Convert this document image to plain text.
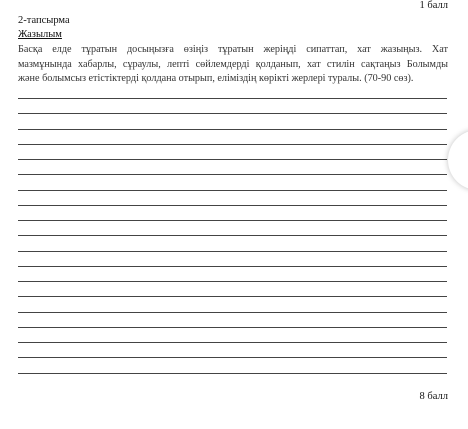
1 балл
2-тапсырма
Жазылым
Басқа елде тұратын досыңызға өзіңіз тұратын жеріңді сипаттап, хат жазыңыз. Хат
мазмұнында хабарлы, сұраулы, лепті сөйлемдерді қолданып, хат стилін сақтаңыз Болымды
және болымсыз етістіктерді қолдана отырып, еліміздің көрікті жерлері туралы. (70-90 сөз).
8 балл
